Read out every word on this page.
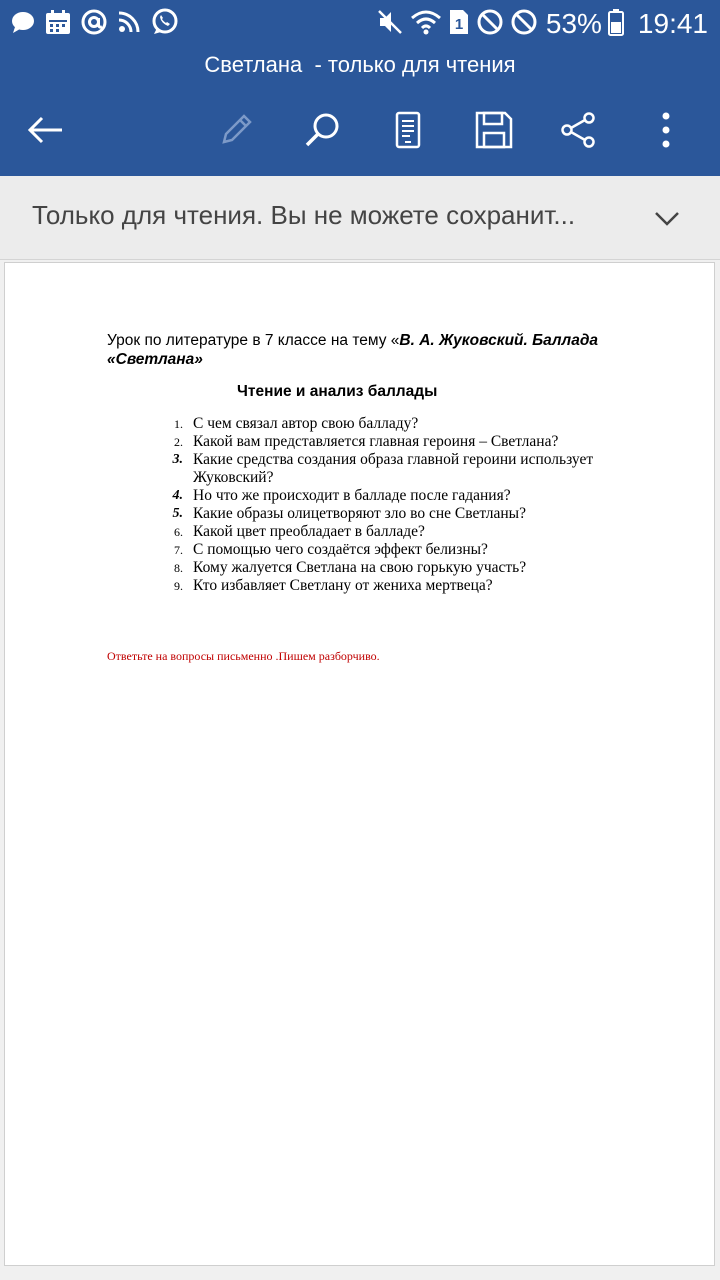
1	53% 19:41
Светлана  - только для чтения
Только для чтения. Вы не можете сохранит...
Урок по литературе в 7 классе на тему «В. А. Жуковский. Баллада «Светлана»
Чтение и анализ баллады
1. С чем связал автор свою балладу?
2. Какой вам представляется главная героиня – Светлана?
3. Какие средства создания образа главной героини использует Жуковский?
4. Но что же происходит в балладе после гадания?
5. Какие образы олицетворяют зло во сне Светланы?
6. Какой цвет преобладает в балладе?
7. С помощью чего создаётся эффект белизны?
8. Кому жалуется Светлана на свою горькую участь?
9. Кто избавляет Светлану от жениха мертвеца?
Ответьте на вопросы письменно .Пишем разборчиво.
